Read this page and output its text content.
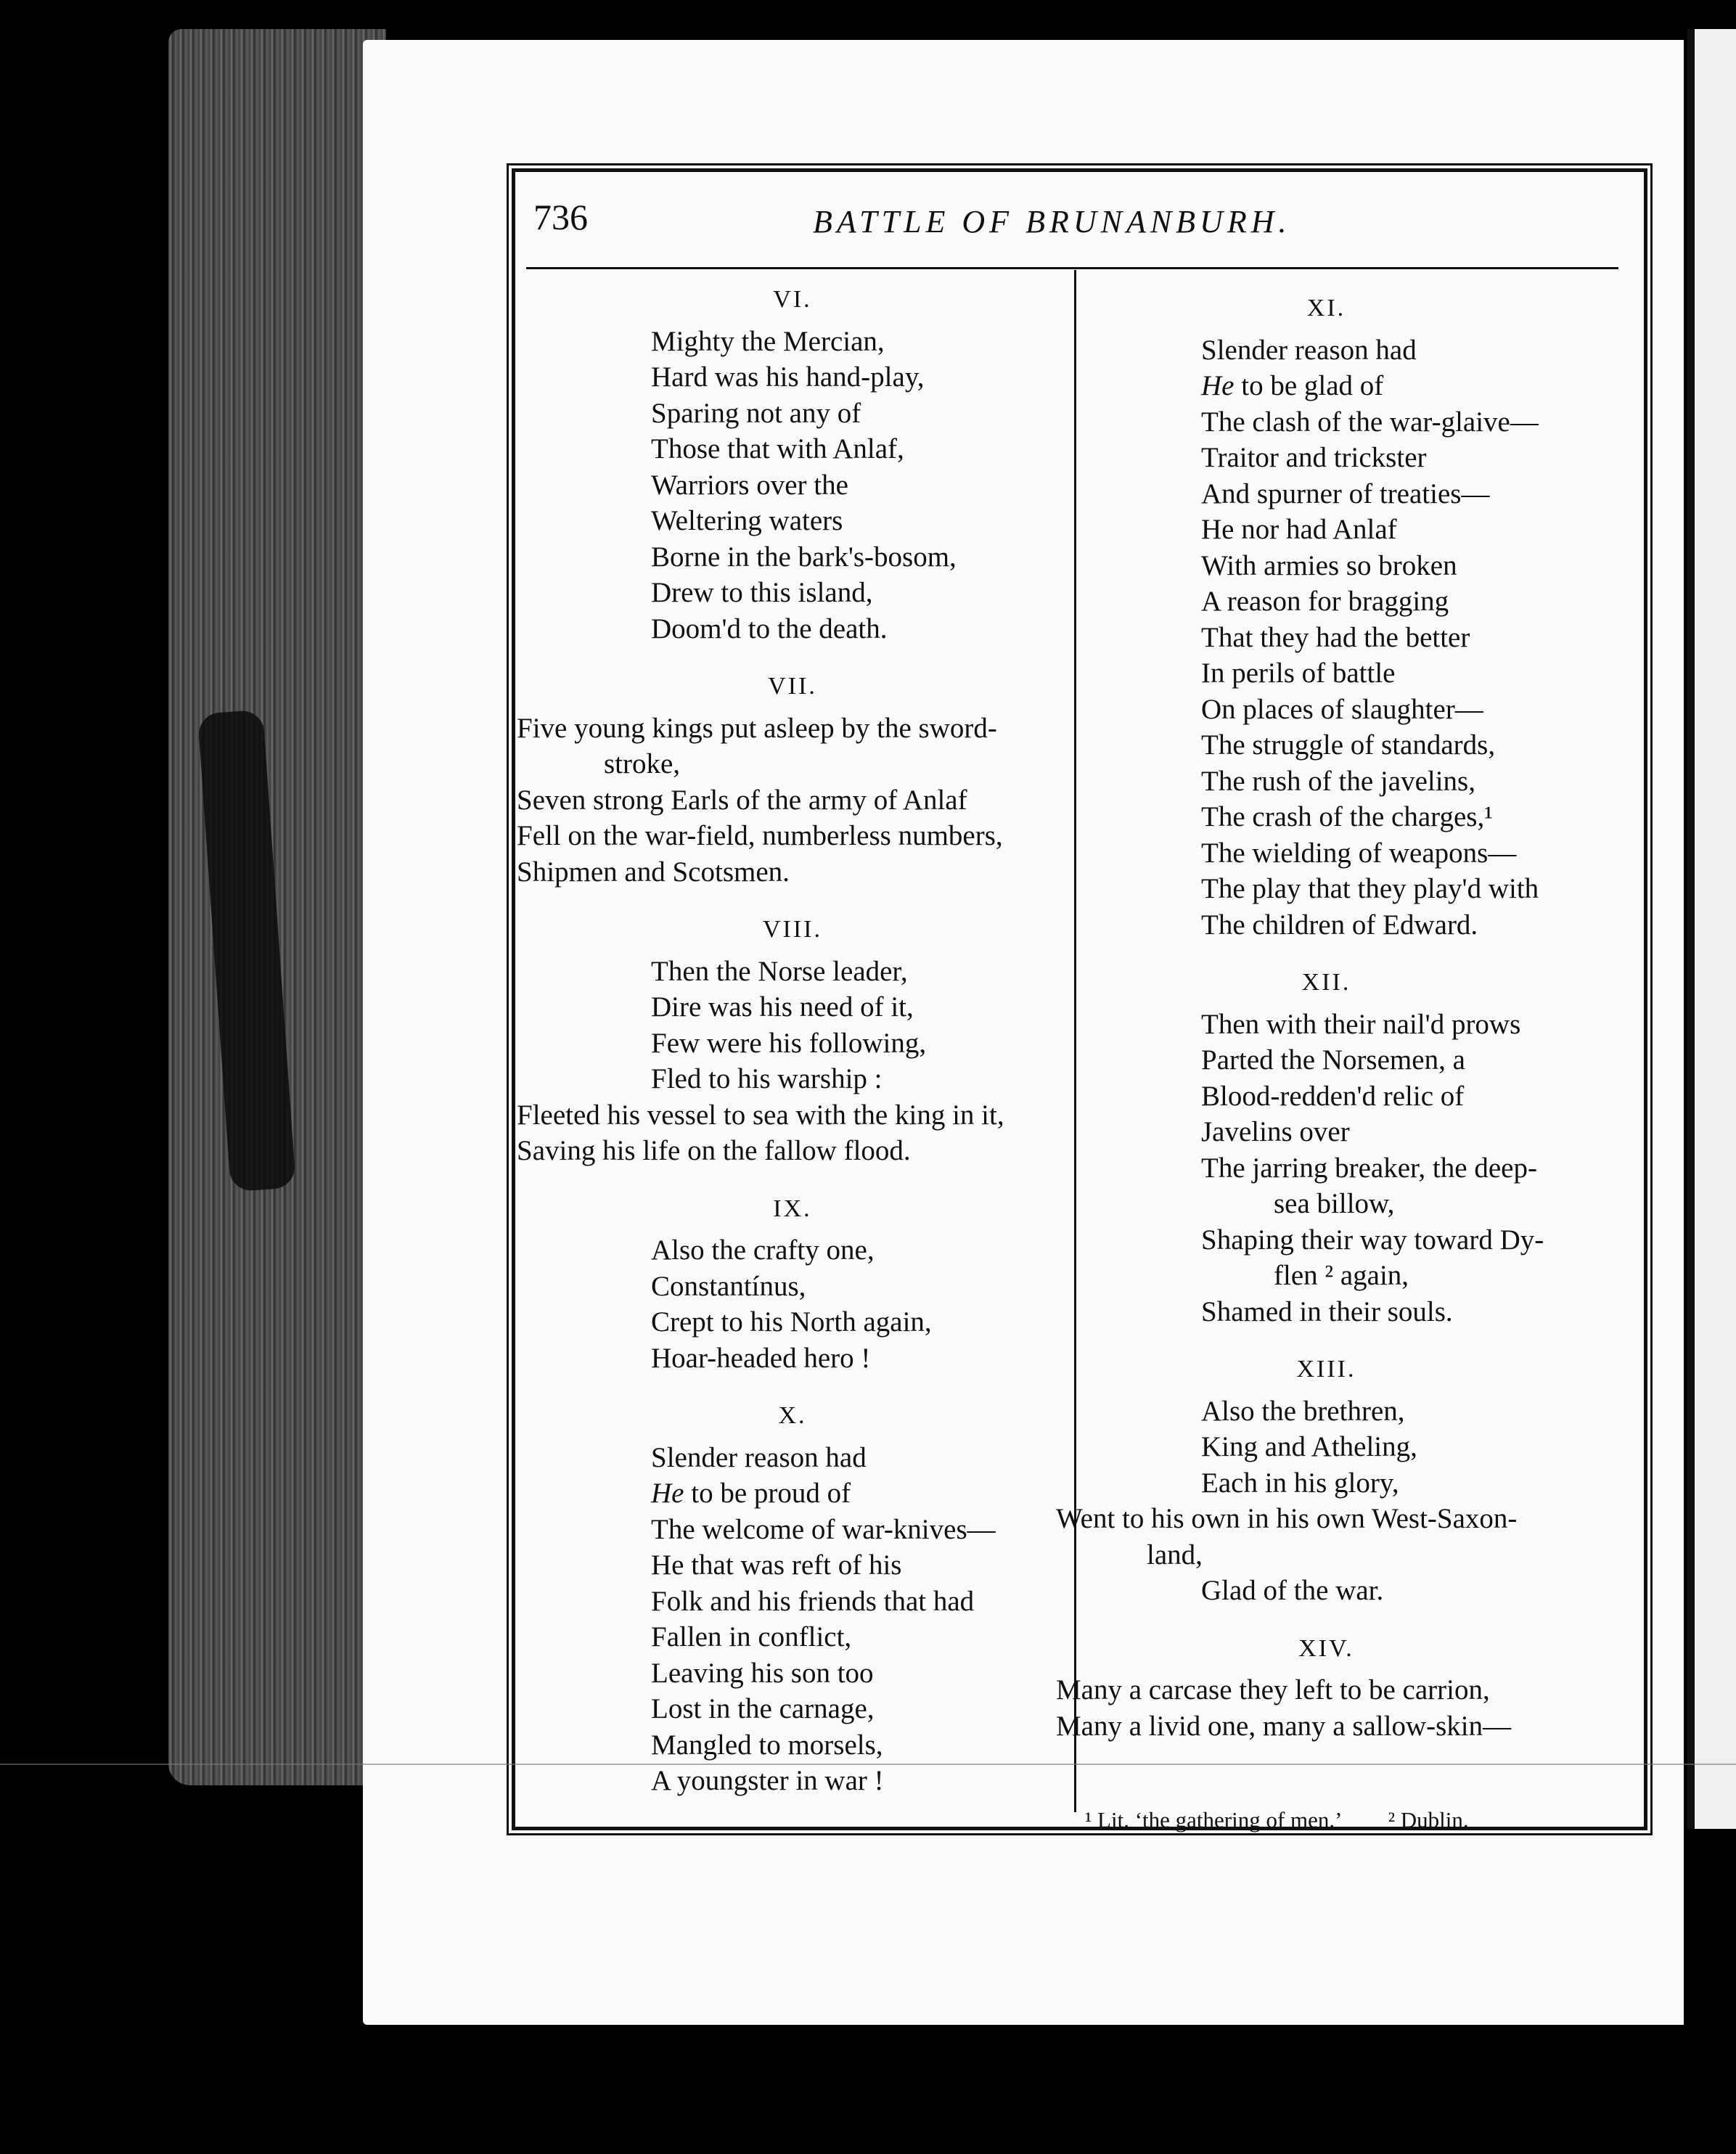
736	BATTLE OF BRUNANBURH.
VI.
Mighty the Mercian,
Hard was his hand-play,
Sparing not any of
Those that with Anlaf,
Warriors over the
Weltering waters
Borne in the bark's-bosom,
Drew to this island,
Doom'd to the death.
VII.
Five young kings put asleep by the sword-
stroke,
Seven strong Earls of the army of Anlaf
Fell on the war-field, numberless numbers,
Shipmen and Scotsmen.
VIII.
Then the Norse leader,
Dire was his need of it,
Few were his following,
Fled to his warship :
Fleeted his vessel to sea with the king in it,
Saving his life on the fallow flood.
IX.
Also the crafty one,
Constantínus,
Crept to his North again,
Hoar-headed hero !
X.
Slender reason had
He to be proud of
The welcome of war-knives—
He that was reft of his
Folk and his friends that had
Fallen in conflict,
Leaving his son too
Lost in the carnage,
Mangled to morsels,
A youngster in war !
XI.
Slender reason had
He to be glad of
The clash of the war-glaive—
Traitor and trickster
And spurner of treaties—
He nor had Anlaf
With armies so broken
A reason for bragging
That they had the better
In perils of battle
On places of slaughter—
The struggle of standards,
The rush of the javelins,
The crash of the charges,¹
The wielding of weapons—
The play that they play'd with
The children of Edward.
XII.
Then with their nail'd prows
Parted the Norsemen, a
Blood-redden'd relic of
Javelins over
The jarring breaker, the deep-
sea billow,
Shaping their way toward Dy-
flen ² again,
Shamed in their souls.
XIII.
Also the brethren,
King and Atheling,
Each in his glory,
Went to his own in his own West-Saxon-
land,
Glad of the war.
XIV.
Many a carcase they left to be carrion,
Many a livid one, many a sallow-skin—
¹ Lit. ‘the gathering of men.’ ² Dublin.
